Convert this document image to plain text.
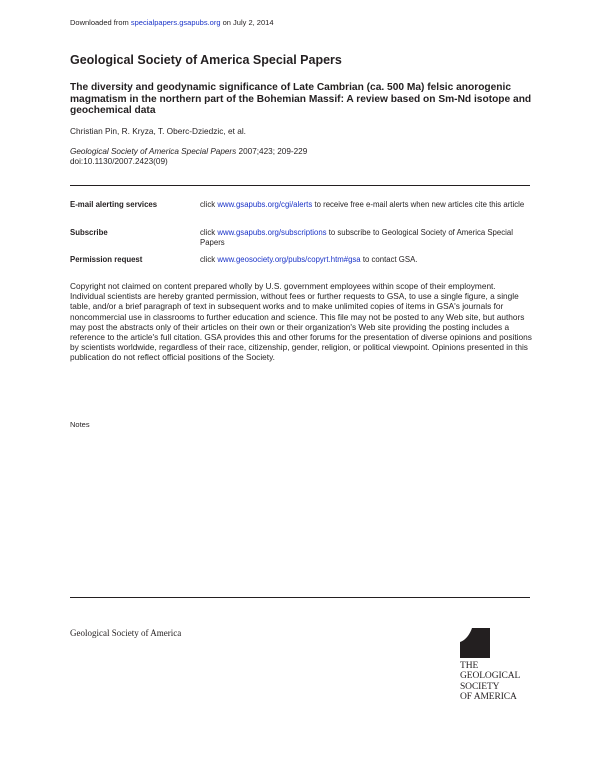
Downloaded from specialpapers.gsapubs.org on July 2, 2014
Geological Society of America Special Papers
The diversity and geodynamic significance of Late Cambrian (ca. 500 Ma) felsic anorogenic magmatism in the northern part of the Bohemian Massif: A review based on Sm-Nd isotope and geochemical data
Christian Pin, R. Kryza, T. Oberc-Dziedzic, et al.
Geological Society of America Special Papers 2007;423; 209-229
doi:10.1130/2007.2423(09)
E-mail alerting services	click www.gsapubs.org/cgi/alerts to receive free e-mail alerts when new articles cite this article
Subscribe	click www.gsapubs.org/subscriptions to subscribe to Geological Society of America Special Papers
Permission request	click www.geosociety.org/pubs/copyrt.htm#gsa to contact GSA.
Copyright not claimed on content prepared wholly by U.S. government employees within scope of their employment. Individual scientists are hereby granted permission, without fees or further requests to GSA, to use a single figure, a single table, and/or a brief paragraph of text in subsequent works and to make unlimited copies of items in GSA's journals for noncommercial use in classrooms to further education and science. This file may not be posted to any Web site, but authors may post the abstracts only of their articles on their own or their organization's Web site providing the posting includes a reference to the article's full citation. GSA provides this and other forums for the presentation of diverse opinions and positions by scientists worldwide, regardless of their race, citizenship, gender, religion, or political viewpoint. Opinions presented in this publication do not reflect official positions of the Society.
Notes
Geological Society of America
THE
GEOLOGICAL
SOCIETY
OF AMERICA
